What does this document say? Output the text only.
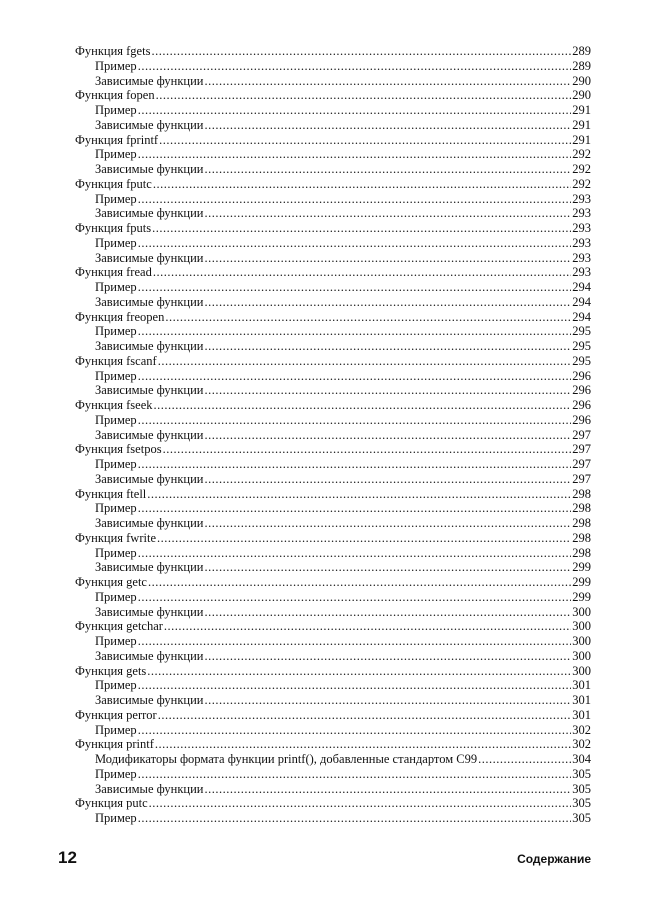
Функция fgets .....	289
Пример .....	289
Зависимые функции .....	290
Функция fopen .....	290
Пример .....	291
Зависимые функции .....	291
Функция fprintf .....	291
Пример .....	292
Зависимые функции .....	292
Функция fputc .....	292
Пример .....	293
Зависимые функции .....	293
Функция fputs .....	293
Пример .....	293
Зависимые функции .....	293
Функция fread .....	293
Пример .....	294
Зависимые функции .....	294
Функция freopen .....	294
Пример .....	295
Зависимые функции .....	295
Функция fscanf .....	295
Пример .....	296
Зависимые функции .....	296
Функция fseek .....	296
Пример .....	296
Зависимые функции .....	297
Функция fsetpos .....	297
Пример .....	297
Зависимые функции .....	297
Функция ftell .....	298
Пример .....	298
Зависимые функции .....	298
Функция fwrite .....	298
Пример .....	298
Зависимые функции .....	299
Функция getc .....	299
Пример .....	299
Зависимые функции .....	300
Функция getchar .....	300
Пример .....	300
Зависимые функции .....	300
Функция gets .....	300
Пример .....	301
Зависимые функции .....	301
Функция perror .....	301
Пример .....	302
Функция printf .....	302
Модификаторы формата функции printf(), добавленные стандартом C99 .....	304
Пример .....	305
Зависимые функции .....	305
Функция putc .....	305
Пример .....	305
12	Содержание
